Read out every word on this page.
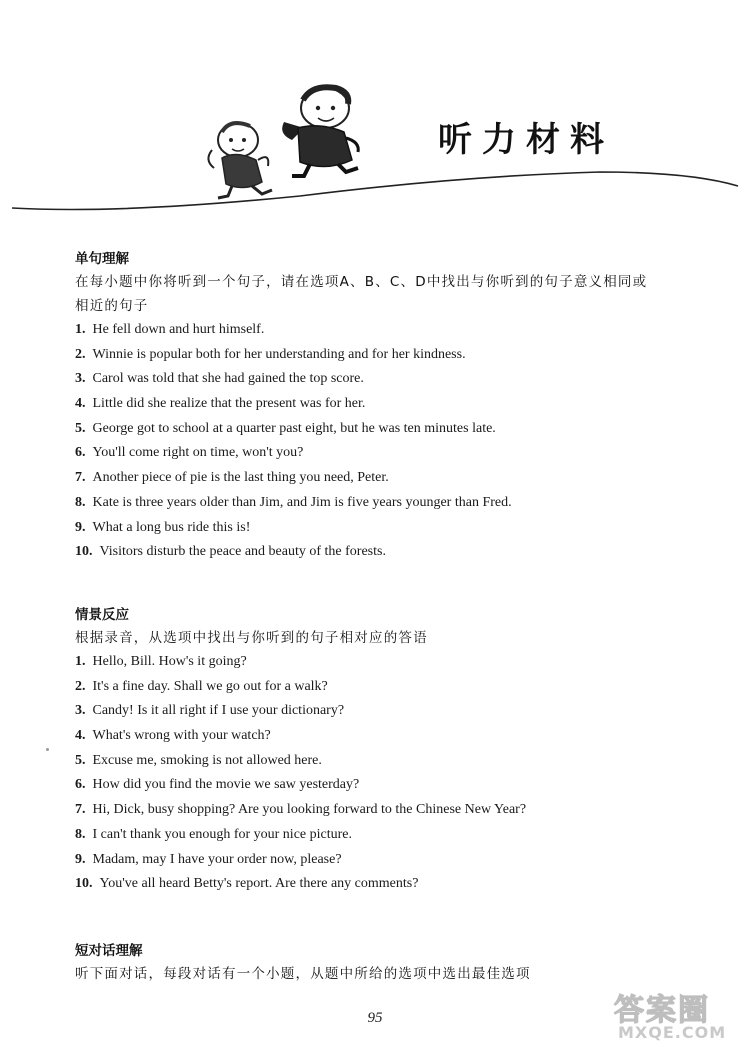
听力材料
单句理解
在每小题中你将听到一个句子，请在选项A、B、C、D中找出与你听到的句子意义相同或
相近的句子
1. He fell down and hurt himself.
2. Winnie is popular both for her understanding and for her kindness.
3. Carol was told that she had gained the top score.
4. Little did she realize that the present was for her.
5. George got to school at a quarter past eight, but he was ten minutes late.
6. You'll come right on time, won't you?
7. Another piece of pie is the last thing you need, Peter.
8. Kate is three years older than Jim, and Jim is five years younger than Fred.
9. What a long bus ride this is!
10. Visitors disturb the peace and beauty of the forests.
情景反应
根据录音，从选项中找出与你听到的句子相对应的答语
1. Hello, Bill. How's it going?
2. It's a fine day. Shall we go out for a walk?
3. Candy! Is it all right if I use your dictionary?
4. What's wrong with your watch?
5. Excuse me, smoking is not allowed here.
6. How did you find the movie we saw yesterday?
7. Hi, Dick, busy shopping? Are you looking forward to the Chinese New Year?
8. I can't thank you enough for your nice picture.
9. Madam, may I have your order now, please?
10. You've all heard Betty's report. Are there any comments?
短对话理解
听下面对话，每段对话有一个小题，从题中所给的选项中选出最佳选项
95	答案圈
MXQE.COM
